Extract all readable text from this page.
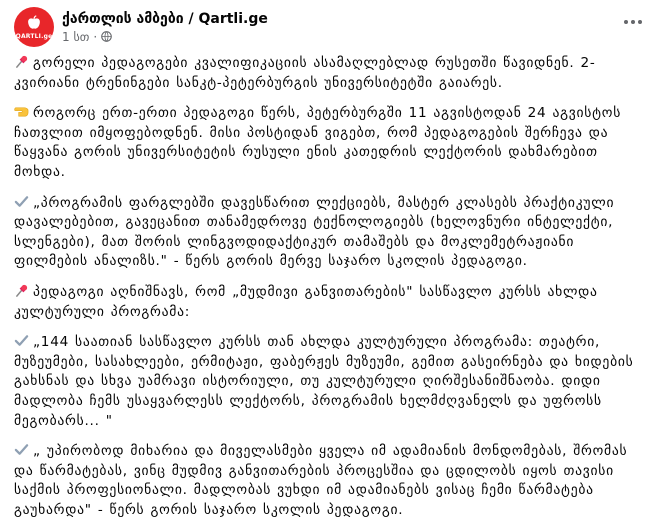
QARTLI.ge
ქართლის ამბები / Qartli.ge
1 სთ ·

გორელი პედაგოგები კვალიფიკაციის ასამაღლებლად რუსეთში წავიდნენ. 2-კვირიანი ტრენინგები სანკტ-პეტერბურგის უნივერსიტეტში გაიარეს.

როგორც ერთ-ერთი პედაგოგი წერს, პეტერბურგში 11 აგვისტოდან 24 აგვისტოს ჩათვლით იმყოფებოდნენ. მისი პოსტიდან ვიგებთ, რომ პედაგოგების შერჩევა და წაყვანა გორის უნივერსიტეტის რუსული ენის კათედრის ლექტორის დახმარებით მოხდა.

„პროგრამის ფარგლებში დავესწარით ლექციებს, მასტერ კლასებს პრაქტიკული დავალებებით, გავეცანით თანამედროვე ტექნოლოგიებს (ხელოვნური ინტელექტი, სლენგები), მათ შორის ლინგვოდიდაქტიკურ თამაშებს და მოკლემეტრაჟიანი ფილმების ანალიზს." - წერს გორის მერვე საჯარო სკოლის პედაგოგი.

პედაგოგი აღნიშნავს, რომ „მუდმივი განვითარების" სასწავლო კურსს ახლდა კულტურული პროგრამა:

„144 საათიან სასწავლო კურსს თან ახლდა კულტურული პროგრამა: თეატრი, მუზეუმები, სასახლეები, ერმიტაჟი, ფაბერჟეს მუზეუმი, გემით გასეირნება და ხიდების გახსნას და სხვა უამრავი ისტორიული, თუ კულტურული ღირშესანიშნაობა. დიდი მადლობა ჩემს უსაყვარლესს ლექტორს, პროგრამის ხელმძღვანელს და უფროსს მეგობარს... "

„ უპირობოდ მიხარია და მიველასმები ყველა იმ ადამიანის მონდომებას, შრომას და წარმატებას, ვინც მუდმივ განვითარების პროცესშია და ცდილობს იყოს თავისი საქმის პროფესიონალი. მადლობას ვუხდი იმ ადამიანებს ვისაც ჩემი წარმატება გაუხარდა" - წერს გორის საჯარო სკოლის პედაგოგი.
